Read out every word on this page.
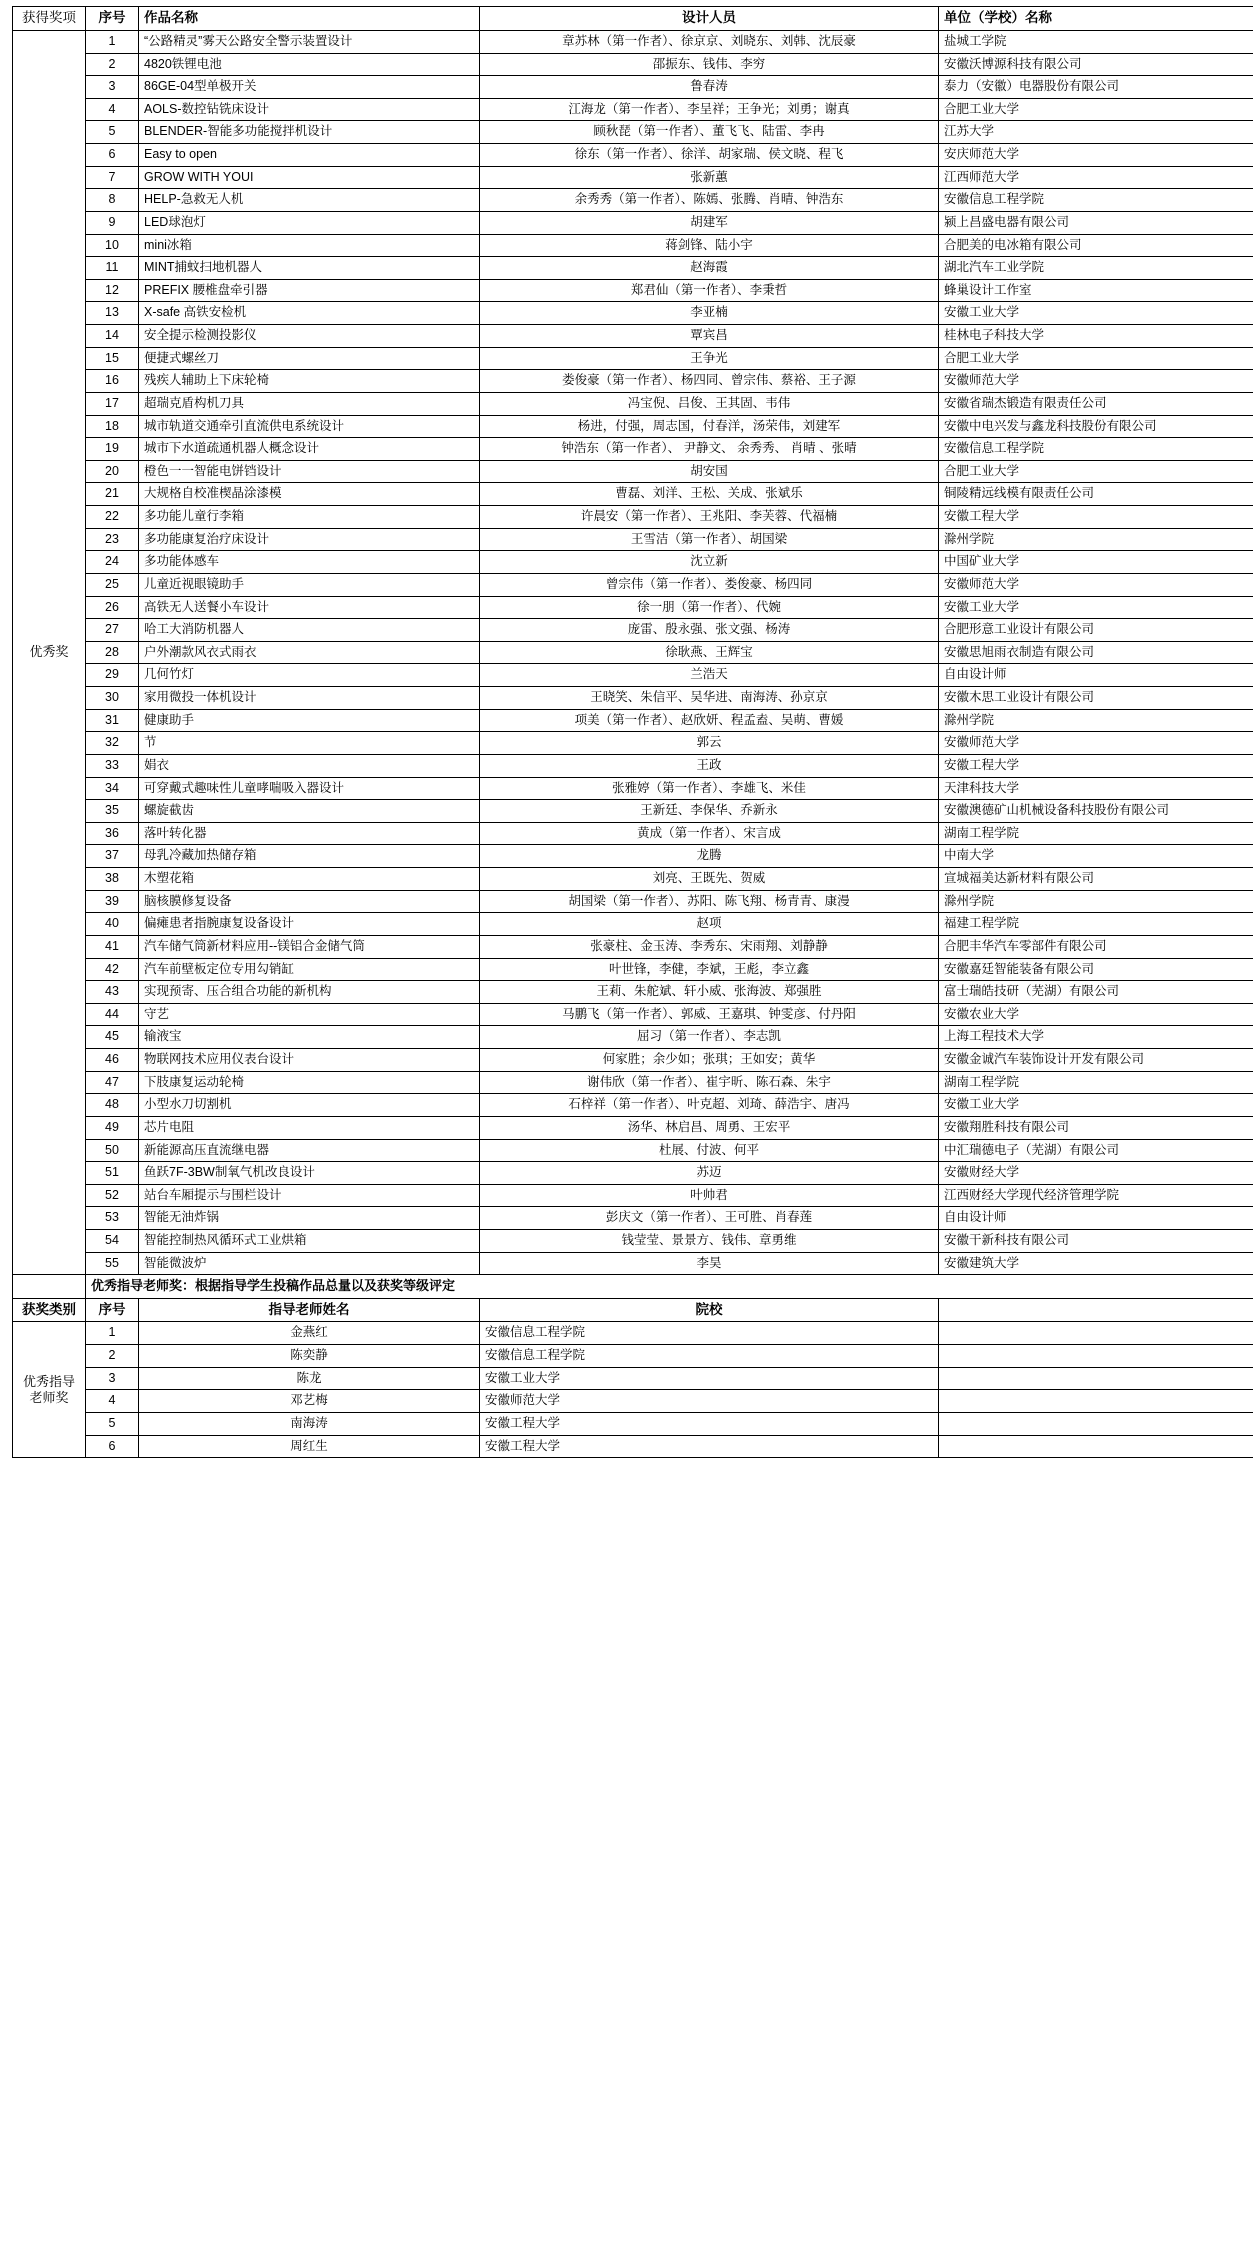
获得奖项	序号	作品名称	设计人员	单位（学校）名称
优秀奖	1	“公路精灵”雾天公路安全警示装置设计	章苏林（第一作者）、徐京京、刘晓东、刘韩、沈辰豪	盐城工学院
	2	4820铁锂电池	邵振东、钱伟、李穷	安徽沃博源科技有限公司
	3	86GE-04型单极开关	鲁春涛	泰力（安徽）电器股份有限公司
	4	AOLS-数控钻铣床设计	江海龙（第一作者）、李呈祥；王争光；刘勇；谢真	合肥工业大学
	5	BLENDER-智能多功能搅拌机设计	顾秋琵（第一作者）、董飞飞、陆雷、李冉	江苏大学
	6	Easy to open	徐东（第一作者）、徐洋、胡家瑞、侯文晓、程飞	安庆师范大学
	7	GROW WITH YOUI	张新蕙	江西师范大学
	8	HELP-急救无人机	余秀秀（第一作者）、陈嫣、张腾、肖晴、钟浩东	安徽信息工程学院
	9	LED球泡灯	胡建军	颍上昌盛电器有限公司
	10	mini冰箱	蒋剑锋、陆小宇	合肥美的电冰箱有限公司
	11	MINT捕蚊扫地机器人	赵海霞	湖北汽车工业学院
	12	PREFIX 腰椎盘牵引器	郑君仙（第一作者）、李秉哲	蜂巢设计工作室
	13	X-safe 高铁安检机	李亚楠	安徽工业大学
	14	安全提示检测投影仪	覃宾昌	桂林电子科技大学
	15	便捷式螺丝刀	王争光	合肥工业大学
	16	残疾人辅助上下床轮椅	娄俊豪（第一作者）、杨四同、曾宗伟、蔡裕、王子源	安徽师范大学
	17	超瑞克盾构机刀具	冯宝倪、吕俊、王其固、韦伟	安徽省瑞杰锻造有限责任公司
	18	城市轨道交通牵引直流供电系统设计	杨进，付强，周志国，付春洋，汤荣伟，刘建军	安徽中电兴发与鑫龙科技股份有限公司
	19	城市下水道疏通机器人概念设计	钟浩东（第一作者）、 尹静文、 余秀秀、 肖晴 、张晴	安徽信息工程学院
	20	橙色一一智能电饼铛设计	胡安国	合肥工业大学
	21	大规格自校准楔晶涂漆模	曹磊、刘洋、王松、关成、张斌乐	铜陵精远线模有限责任公司
	22	多功能儿童行李箱	许晨安（第一作者）、王兆阳、李芙蓉、代福楠	安徽工程大学
	23	多功能康复治疗床设计	王雪洁（第一作者）、胡国梁	滁州学院
	24	多功能体感车	沈立新	中国矿业大学
	25	儿童近视眼镜助手	曾宗伟（第一作者）、娄俊豪、杨四同	安徽师范大学
	26	高铁无人送餐小车设计	徐一朋（第一作者）、代婉	安徽工业大学
	27	哈工大消防机器人	庞雷、殷永强、张文强、杨涛	合肥形意工业设计有限公司
	28	户外潮款风衣式雨衣	徐耿燕、王辉宝	安徽思旭雨衣制造有限公司
	29	几何竹灯	兰浩天	自由设计师
	30	家用微投一体机设计	王晓笑、朱信平、吴华进、南海涛、孙京京	安徽木思工业设计有限公司
	31	健康助手	项美（第一作者）、赵欣妍、程孟盍、吴萌、曹媛	滁州学院
	32	节	郭云	安徽师范大学
	33	娟衣	王政	安徽工程大学
	34	可穿戴式趣味性儿童哮喘吸入器设计	张雅婷（第一作者）、李雄飞、米佳	天津科技大学
	35	螺旋截齿	王新廷、李保华、乔新永	安徽澳德矿山机械设备科技股份有限公司
	36	落叶转化器	黄成（第一作者）、宋言成	湖南工程学院
	37	母乳冷藏加热储存箱	龙腾	中南大学
	38	木塑花箱	刘亮、王既先、贺威	宣城福美达新材料有限公司
	39	脑核膜修复设备	胡国梁（第一作者）、苏阳、陈飞翔、杨青青、康漫	滁州学院
	40	偏瘫患者指腕康复设备设计	赵项	福建工程学院
	41	汽车储气筒新材料应用--镁铝合金储气筒	张豪柱、金玉涛、李秀东、宋雨翔、刘静静	合肥丰华汽车零部件有限公司
	42	汽车前壁板定位专用勾销缸	叶世锋，李健，李斌，王彪，李立鑫	安徽嘉廷智能装备有限公司
	43	实现预寄、压合组合功能的新机构	王莉、朱舵斌、轩小威、张海波、郑强胜	富士瑞皓技研（芜湖）有限公司
	44	守艺	马鹏飞（第一作者）、郭威、王嘉琪、钟雯彦、付丹阳	安徽农业大学
	45	输液宝	屈习（第一作者）、李志凯	上海工程技术大学
	46	物联网技术应用仪表台设计	何家胜；余少如；张琪；王如安；黄华	安徽金诚汽车装饰设计开发有限公司
	47	下肢康复运动轮椅	谢伟欣（第一作者）、崔宇昕、陈石森、朱宇	湖南工程学院
	48	小型水刀切割机	石梓祥（第一作者）、叶克超、刘琦、薛浩宇、唐冯	安徽工业大学
	49	芯片电阻	汤华、林启昌、周勇、王宏平	安徽翔胜科技有限公司
	50	新能源高压直流继电器	杜展、付波、何平	中汇瑞德电子（芜湖）有限公司
	51	鱼跃7F-3BW制氧气机改良设计	苏迈	安徽财经大学
	52	站台车厢提示与围栏设计	叶帅君	江西财经大学现代经济管理学院
	53	智能无油炸锅	彭庆文（第一作者）、王可胜、肖春莲	自由设计师
	54	智能控制热风循环式工业烘箱	钱莹莹、景景方、钱伟、章勇维	安徽干新科技有限公司
	55	智能微波炉	李昊	安徽建筑大学
	优秀指导老师奖：根据指导学生投稿作品总量以及获奖等级评定			
获奖类别	序号	指导老师姓名	院校	
优秀指导老师奖	1	金燕红	安徽信息工程学院	
	2	陈奕静	安徽信息工程学院	
	3	陈龙	安徽工业大学	
	4	邓艺梅	安徽师范大学	
	5	南海涛	安徽工程大学	
	6	周红生	安徽工程大学	
